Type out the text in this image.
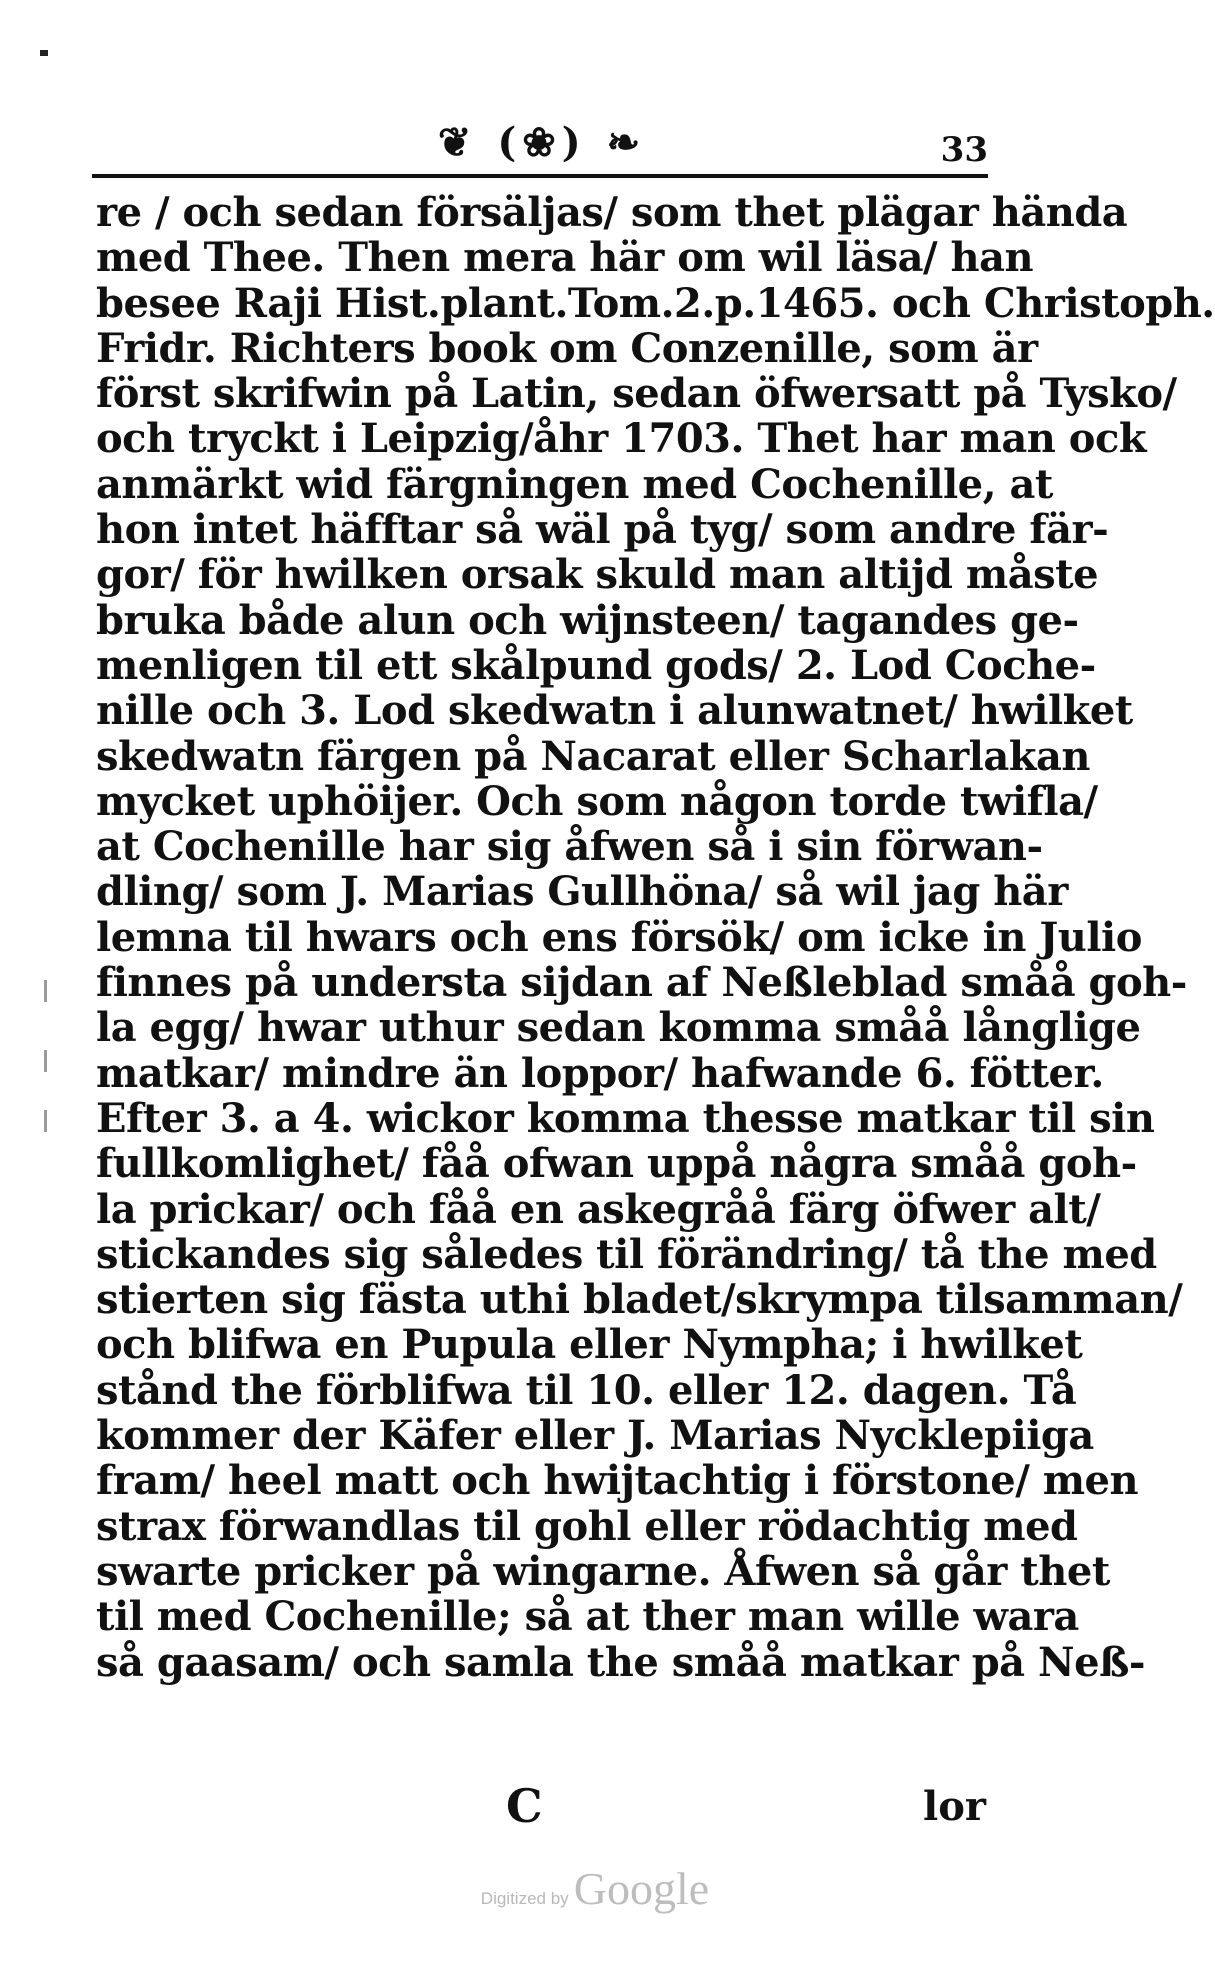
❦ (❀) ❧	33
re / och sedan försäljas/ som thet plägar hända
med Thee. Then mera här om wil läsa/ han
besee Raji Hist.plant.Tom.2.p.1465. och Christoph.
Fridr. Richters book om Conzenille, som är
först skrifwin på Latin, sedan öfwersatt på Tysko/
och tryckt i Leipzig/åhr 1703. Thet har man ock
anmärkt wid färgningen med Cochenille, at
hon intet häfftar så wäl på tyg/ som andre fär-
gor/ för hwilken orsak skuld man altijd måste
bruka både alun och wijnsteen/ tagandes ge-
menligen til ett skålpund gods/ 2. Lod Coche-
nille och 3. Lod skedwatn i alunwatnet/ hwilket
skedwatn färgen på Nacarat eller Scharlakan
mycket uphöijer. Och som någon torde twifla/
at Cochenille har sig åfwen så i sin förwan-
dling/ som J. Marias Gullhöna/ så wil jag här
lemna til hwars och ens försök/ om icke in Julio
finnes på understa sijdan af Neßleblad småå goh-
la egg/ hwar uthur sedan komma småå långlige
matkar/ mindre än loppor/ hafwande 6. fötter.
Efter 3. a 4. wickor komma thesse matkar til sin
fullkomlighet/ fåå ofwan uppå några småå goh-
la prickar/ och fåå en askegråå färg öfwer alt/
stickandes sig således til förändring/ tå the med
stierten sig fästa uthi bladet/skrympa tilsamman/
och blifwa en Pupula eller Nympha; i hwilket
stånd the förblifwa til 10. eller 12. dagen. Tå
kommer der Käfer eller J. Marias Nycklepiiga
fram/ heel matt och hwijtachtig i förstone/ men
strax förwandlas til gohl eller rödachtig med
swarte pricker på wingarne. Åfwen så går thet
til med Cochenille; så at ther man wille wara
så gaasam/ och samla the småå matkar på Neß-
C	lor
Digitized by Google
